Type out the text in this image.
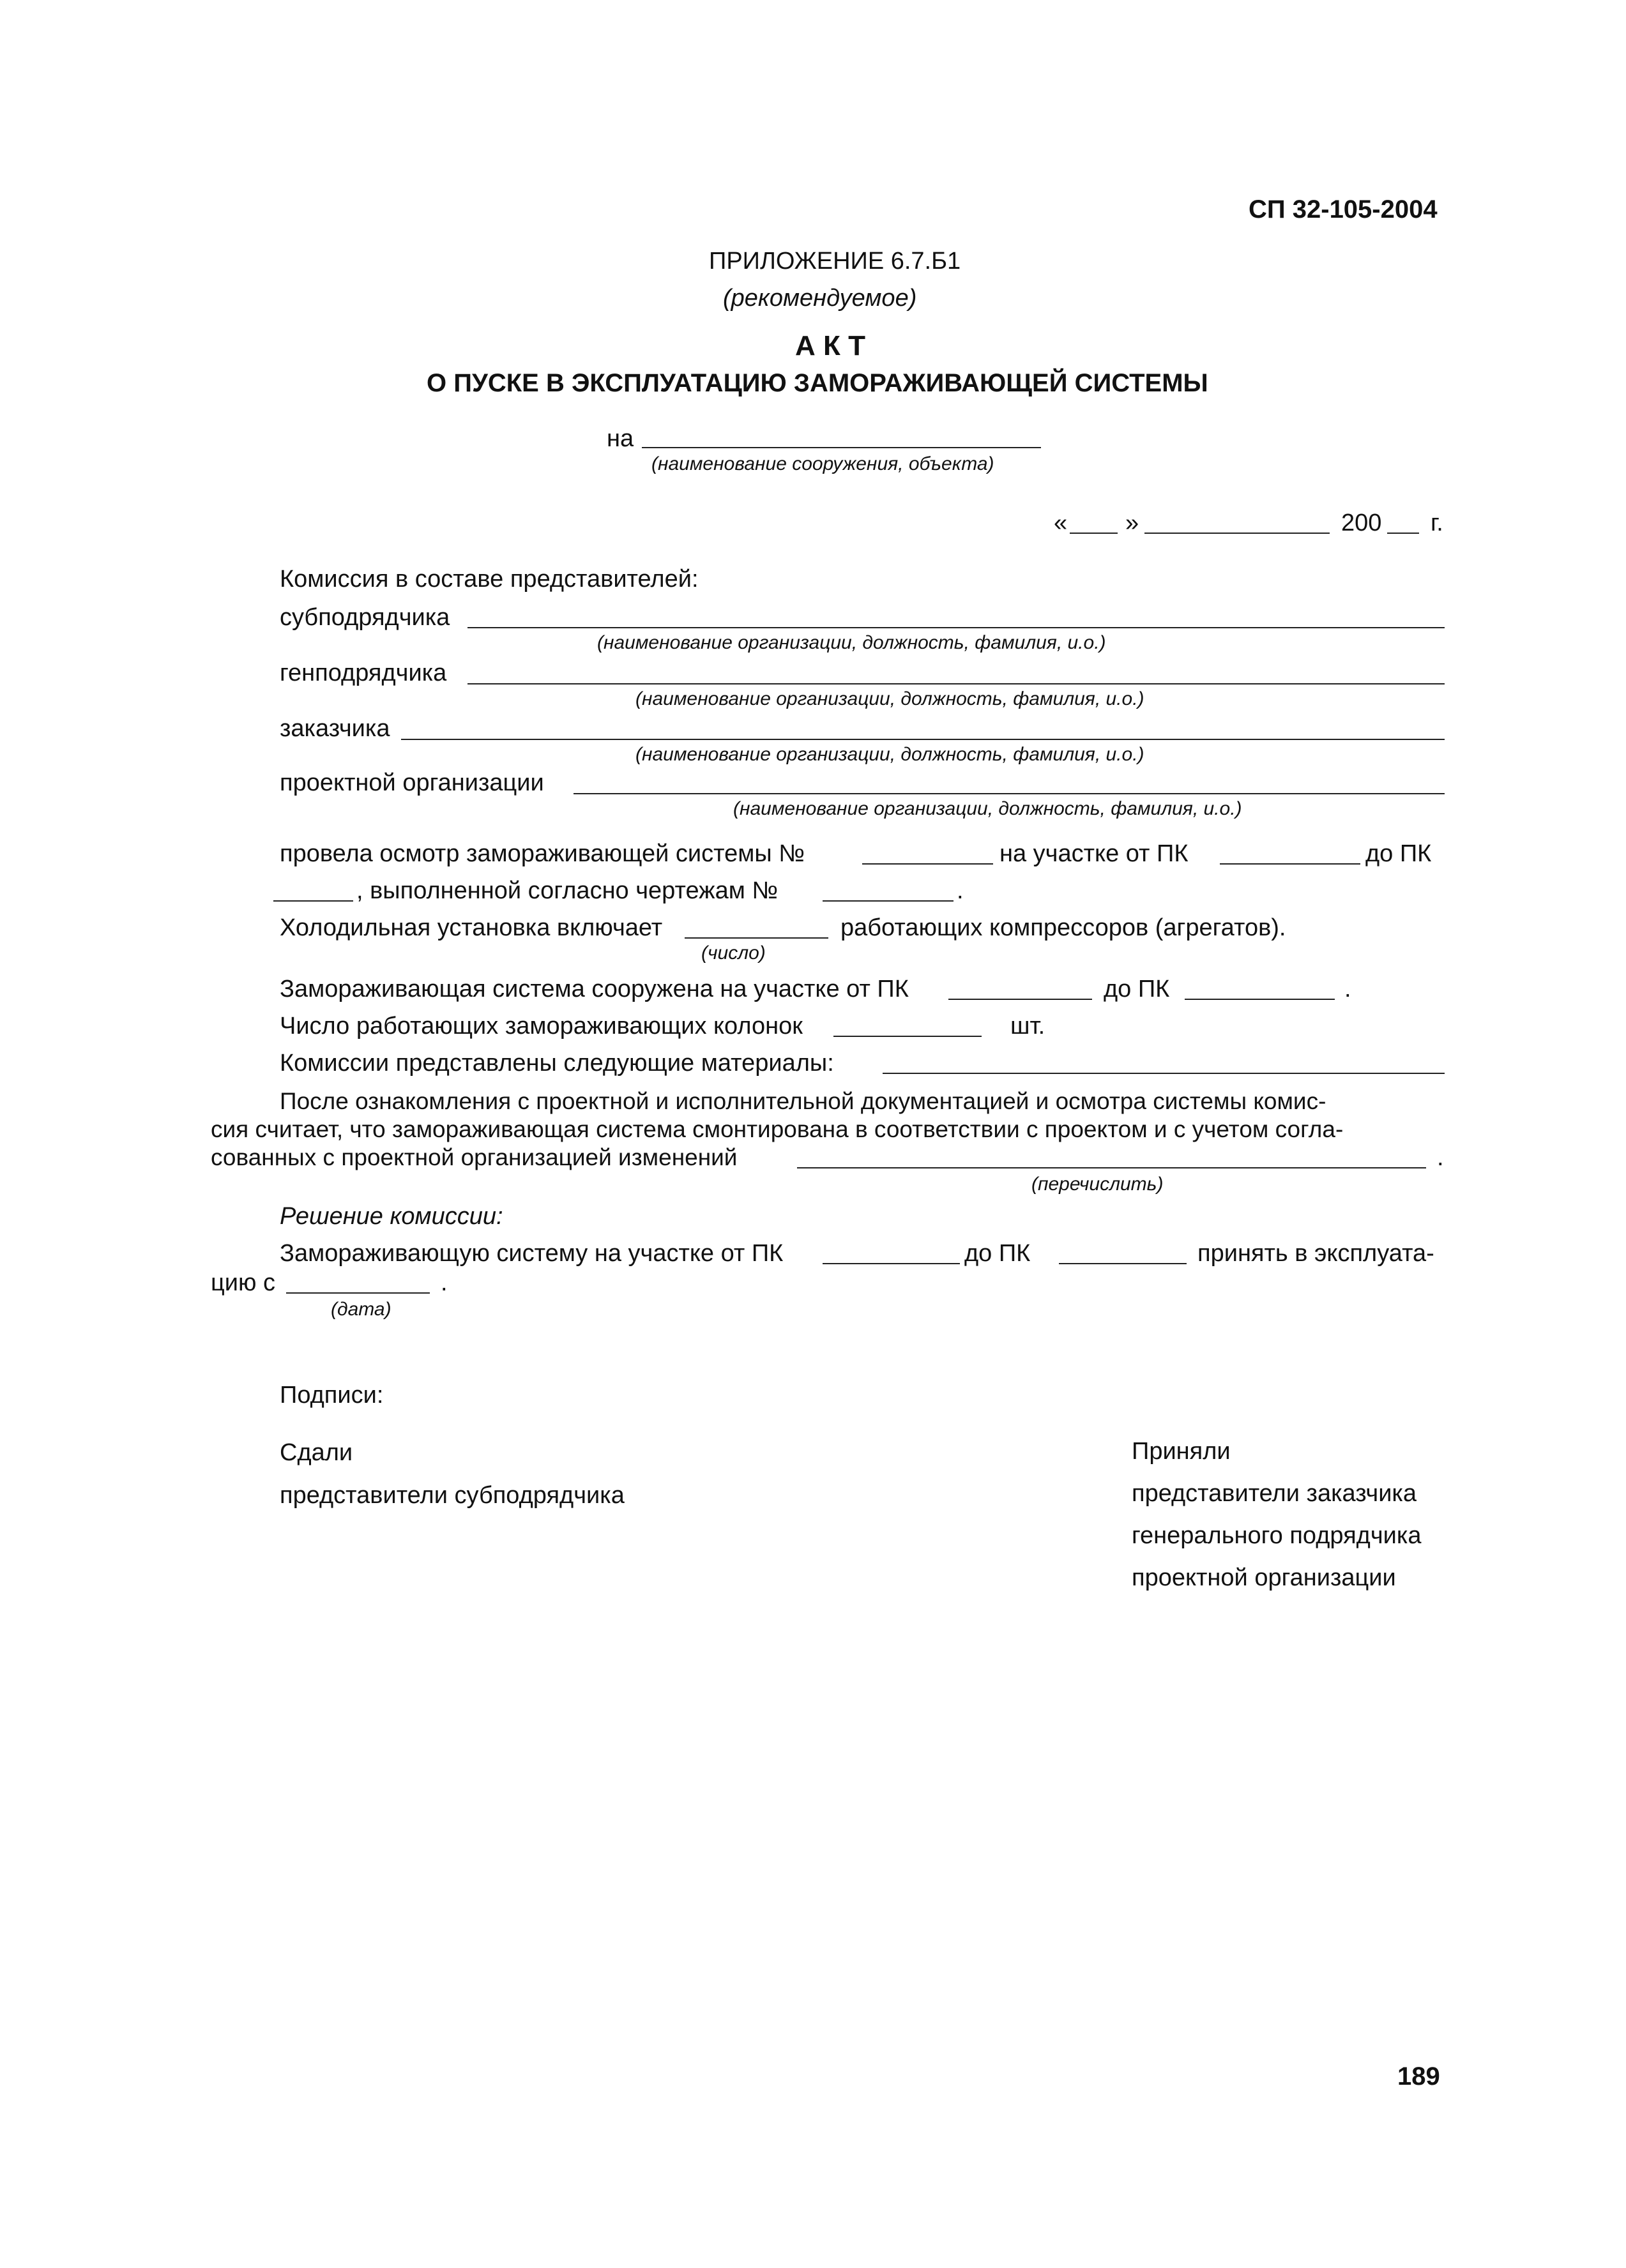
СП 32-105-2004
ПРИЛОЖЕНИЕ 6.7.Б1
(рекомендуемое)
А К Т
О ПУСКЕ В ЭКСПЛУАТАЦИЮ ЗАМОРАЖИВАЮЩЕЙ СИСТЕМЫ
на
(наименование сооружения, объекта)
« »	200 г.
Комиссия в составе представителей:
субподрядчика
(наименование организации, должность, фамилия, и.о.)
генподрядчика
(наименование организации, должность, фамилия, и.о.)
заказчика
(наименование организации, должность, фамилия, и.о.)
проектной организации
(наименование организации, должность, фамилия, и.о.)
провела осмотр замораживающей системы №	на участке от ПК	до ПК
, выполненной согласно чертежам №	.
Холодильная установка включает	работающих компрессоров (агрегатов).
(число)
Замораживающая система сооружена на участке от ПК	до ПК	.
Число работающих замораживающих колонок	шт.
Комиссии представлены следующие материалы:
После ознакомления с проектной и исполнительной документацией и осмотра системы комис-
сия считает, что замораживающая система смонтирована в соответствии с проектом и с учетом согла-
сованных с проектной организацией изменений	.
(перечислить)
Решение комиссии:
Замораживающую систему на участке от ПК	до ПК	принять в эксплуата-
цию с	.
(дата)
Подписи:
Сдали
представители субподрядчика
Приняли
представители заказчика
генерального подрядчика
проектной организации
189
